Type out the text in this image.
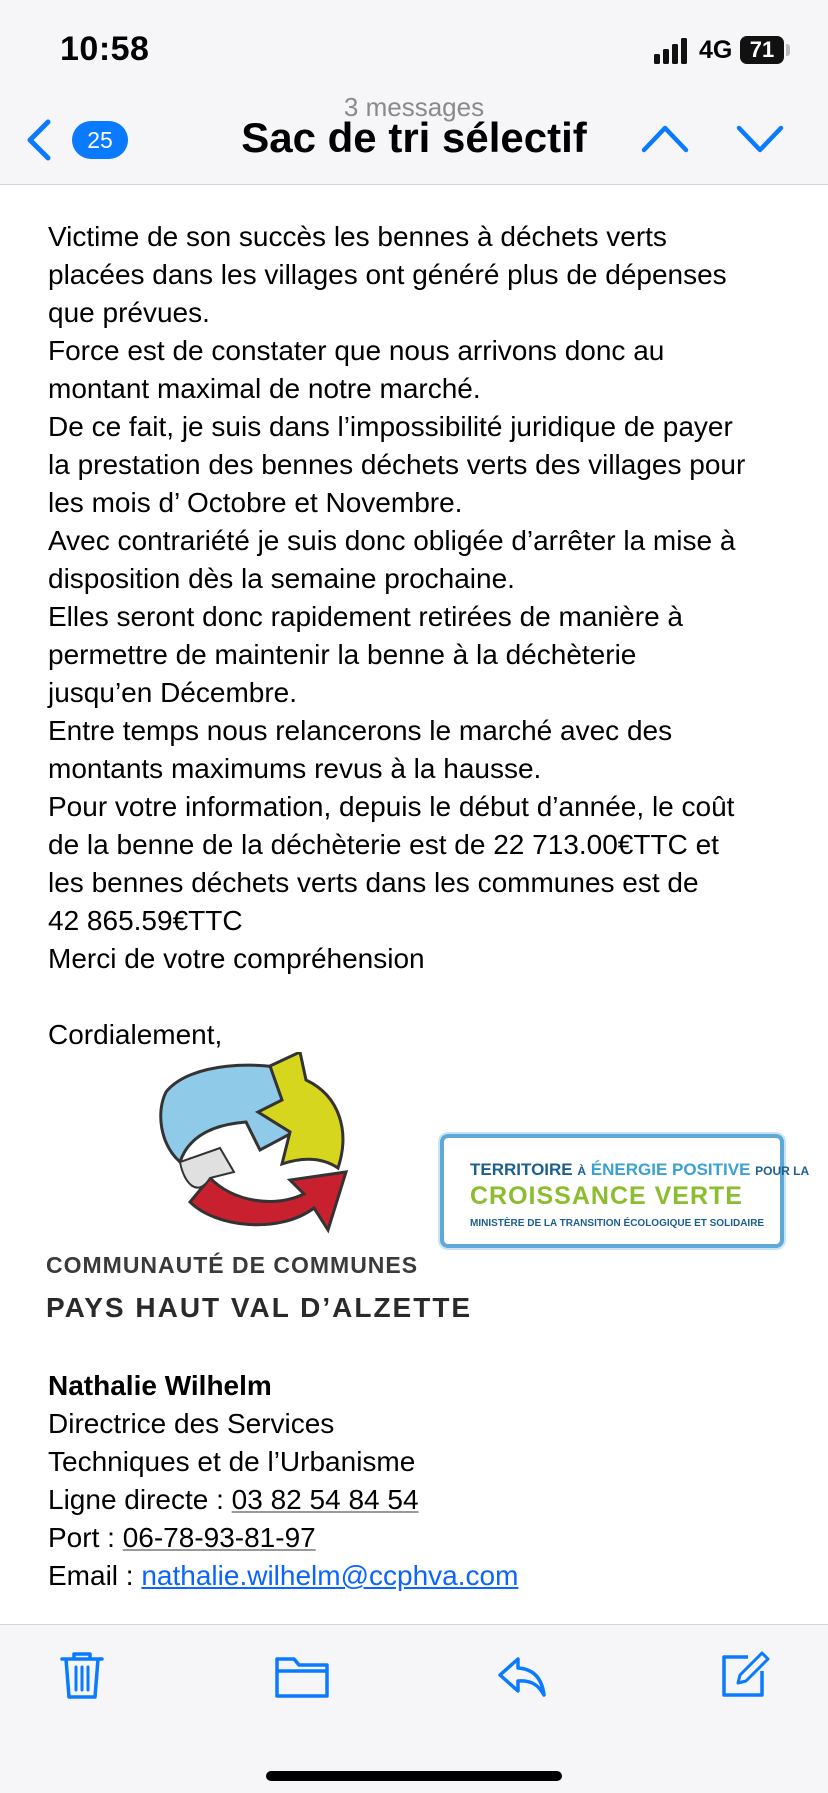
10:58	4G 71
25
3 messages
Sac de tri sélectif
Victime de son succès les bennes à déchets verts
placées dans les villages ont généré plus de dépenses
que prévues.
Force est de constater que nous arrivons donc au
montant maximal de notre marché.
De ce fait, je suis dans l’impossibilité juridique de payer
la prestation des bennes déchets verts des villages pour
les mois d’ Octobre et Novembre.
Avec contrariété je suis donc obligée d’arrêter la mise à
disposition dès la semaine prochaine.
Elles seront donc rapidement retirées de manière à
permettre de maintenir la benne à la déchèterie
jusqu’en Décembre.
Entre temps nous relancerons le marché avec des
montants maximums revus à la hausse.
Pour votre information, depuis le début d’année, le coût
de la benne de la déchèterie est de 22 713.00€TTC et
les bennes déchets verts dans les communes est de
42 865.59€TTC
Merci de votre compréhension
Cordialement,
COMMUNAUTÉ DE COMMUNES
PAYS HAUT VAL D’ALZETTE
TERRITOIRE À ÉNERGIE POSITIVE POUR LA
CROISSANCE VERTE
MINISTÈRE DE LA TRANSITION ÉCOLOGIQUE ET SOLIDAIRE
Nathalie Wilhelm
Directrice des Services
Techniques et de l’Urbanisme
Ligne directe : 03 82 54 84 54
Port : 06-78-93-81-97
Email : nathalie.wilhelm@ccphva.com
